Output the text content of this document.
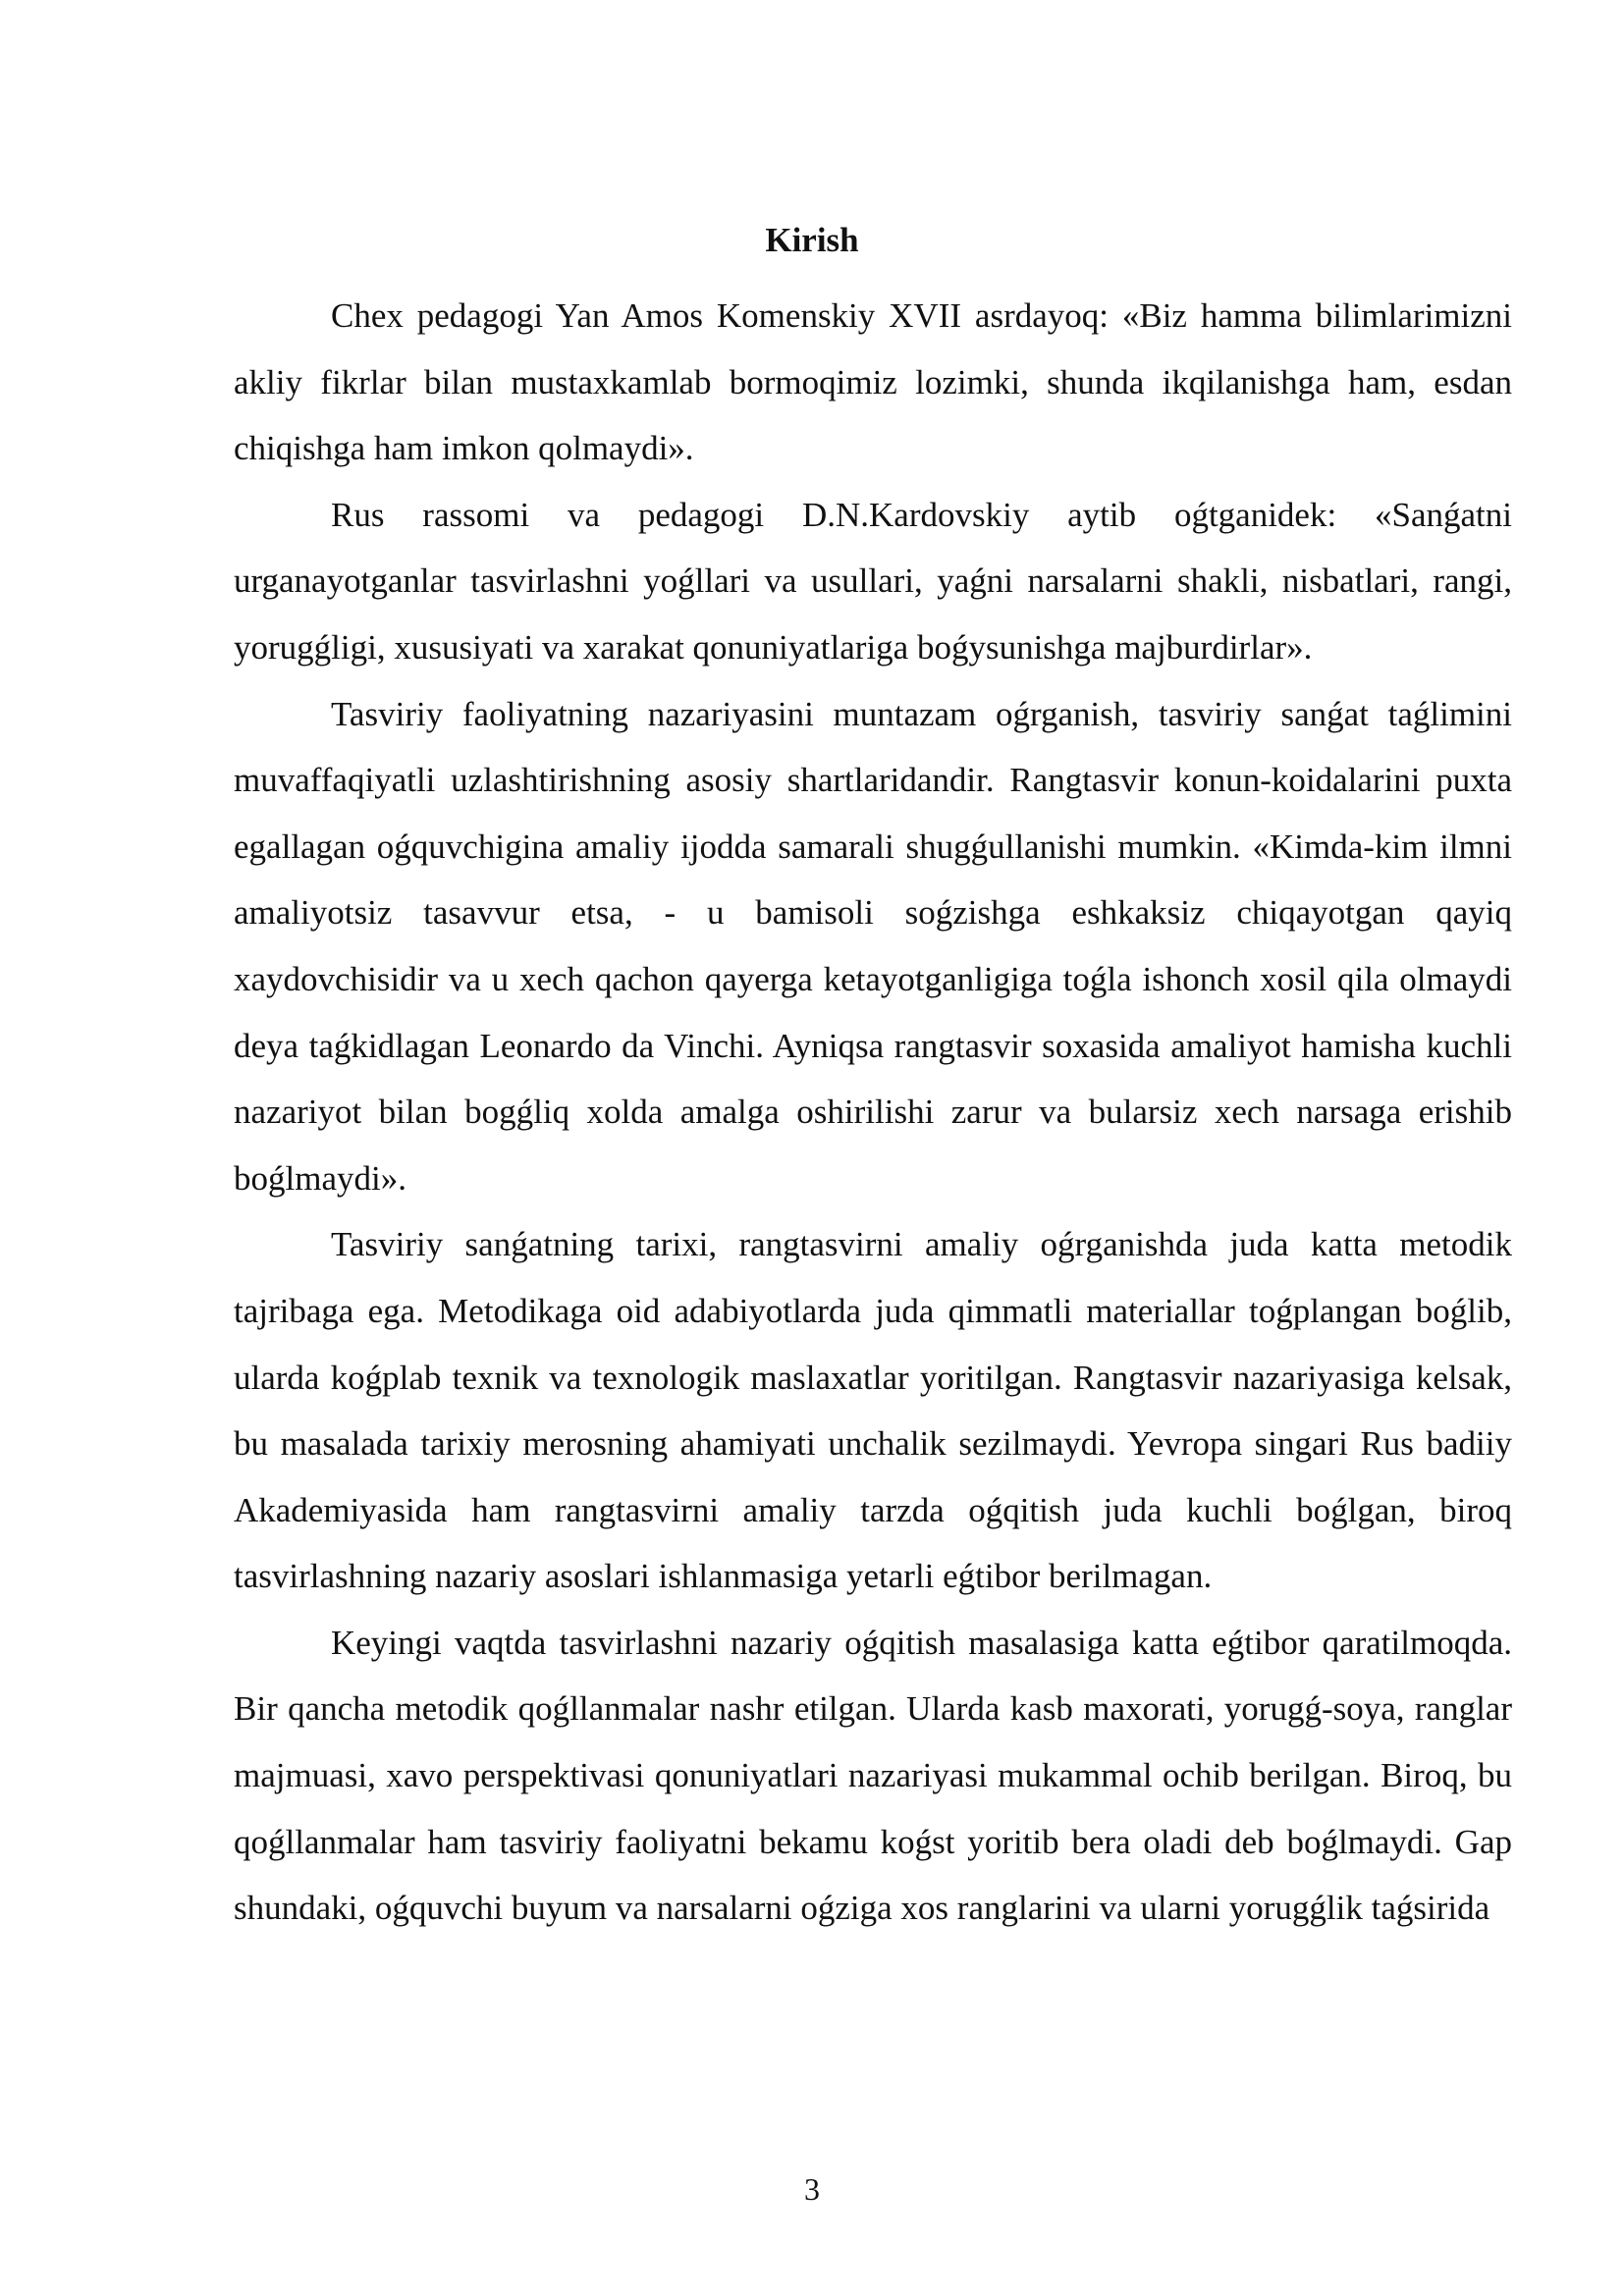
Kirish

Chex pedagogi Yan Amos Komenskiy XVII asrdayoq: «Biz hamma bilimlarimizni akliy fikrlar bilan mustaxkamlab bormoqimiz lozimki, shunda ikqilanishga ham, esdan chiqishga ham imkon qolmaydi».

Rus rassomi va pedagogi D.N.Kardovskiy aytib oǵtganidek: «Sanǵatni urganayotganlar tasvirlashni yoǵllari va usullari, yaǵni narsalarni shakli, nisbatlari, rangi, yorugǵligi, xususiyati va xarakat qonuniyatlariga boǵysunishga majburdirlar».

Tasviriy faoliyatning nazariyasini muntazam oǵrganish, tasviriy sanǵat taǵlimini muvaffaqiyatli uzlashtirishning asosiy shartlaridandir. Rangtasvir konun-koidalarini puxta egallagan oǵquvchigina amaliy ijodda samarali shugǵullanishi mumkin. «Kimda-kim ilmni amaliyotsiz tasavvur etsa, - u bamisoli soǵzishga eshkaksiz chiqayotgan qayiq xaydovchisidir va u xech qachon qayerga ketayotganligiga toǵla ishonch xosil qila olmaydi deya taǵkidlagan Leonardo da Vinchi. Ayniqsa rangtasvir soxasida amaliyot hamisha kuchli nazariyot bilan bogǵliq xolda amalga oshirilishi zarur va bularsiz xech narsaga erishib boǵlmaydi».

Tasviriy sanǵatning tarixi, rangtasvirni amaliy oǵrganishda juda katta metodik tajribaga ega. Metodikaga oid adabiyotlarda juda qimmatli materiallar toǵplangan boǵlib, ularda koǵplab texnik va texnologik maslaxatlar yoritilgan. Rangtasvir nazariyasiga kelsak, bu masalada tarixiy merosning ahamiyati unchalik sezilmaydi. Yevropa singari Rus badiiy Akademiyasida ham rangtasvirni amaliy tarzda oǵqitish juda kuchli boǵlgan, biroq tasvirlashning nazariy asoslari ishlanmasiga yetarli eǵtibor berilmagan.

Keyingi vaqtda tasvirlashni nazariy oǵqitish masalasiga katta eǵtibor qaratilmoqda. Bir qancha metodik qoǵllanmalar nashr etilgan. Ularda kasb maxorati, yorugǵ-soya, ranglar majmuasi, xavo perspektivasi qonuniyatlari nazariyasi mukammal ochib berilgan. Biroq, bu qoǵllanmalar ham tasviriy faoliyatni bekamu koǵst yoritib bera oladi deb boǵlmaydi. Gap shundaki, oǵquvchi buyum va narsalarni oǵziga xos ranglarini va ularni yorugǵlik taǵsirida

3
